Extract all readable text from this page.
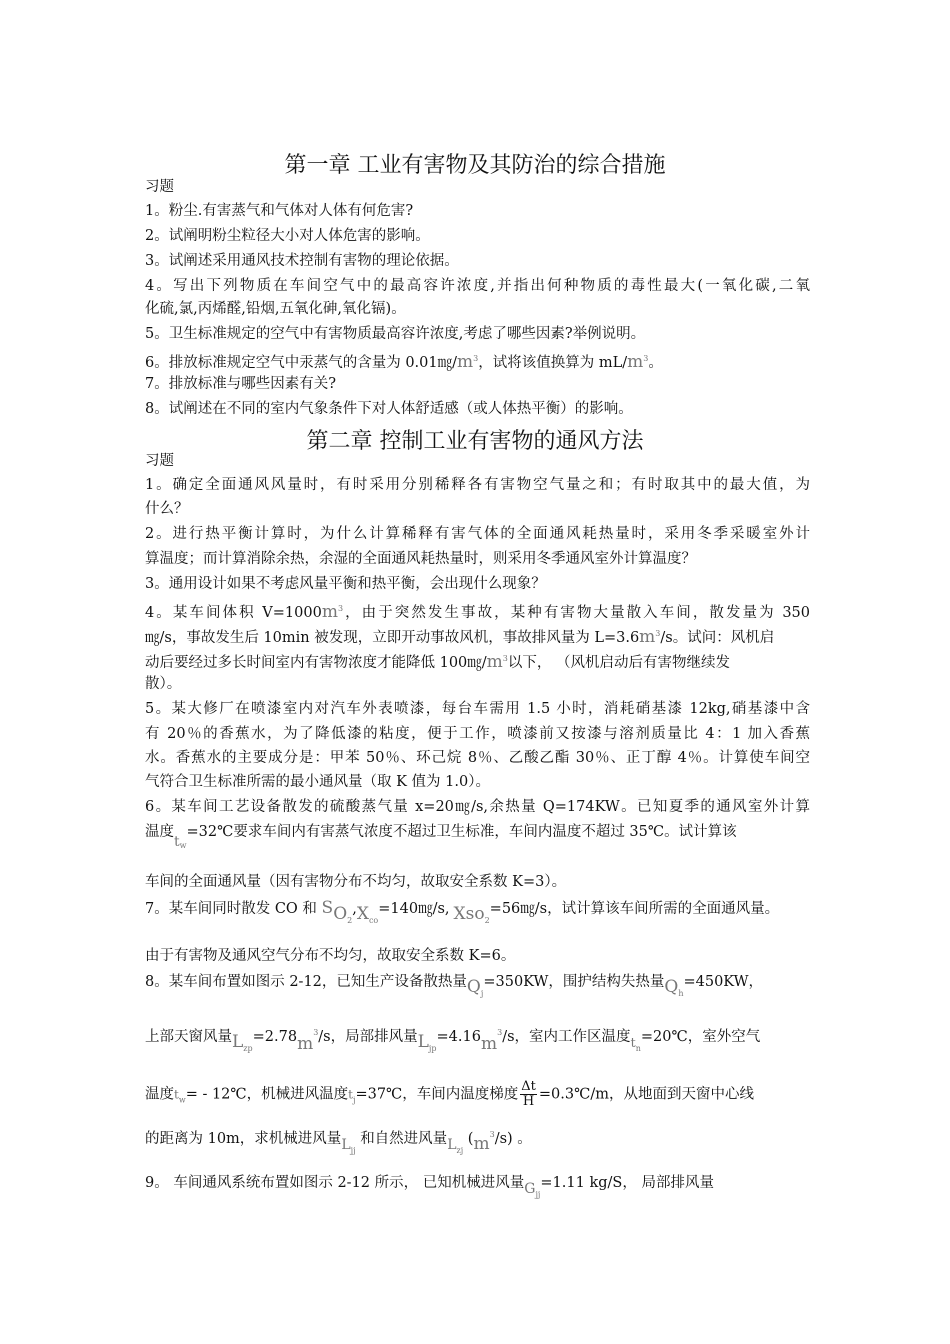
第一章 工业有害物及其防治的综合措施
习题
1。粉尘.有害蒸气和气体对人体有何危害?
2。试阐明粉尘粒径大小对人体危害的影响。
3。试阐述采用通风技术控制有害物的理论依据。
4。写出下列物质在车间空气中的最高容许浓度,并指出何种物质的毒性最大(一氧化碳,二氧
化硫,氯,丙烯醛,铅烟,五氧化砷,氧化镉)。
5。卫生标准规定的空气中有害物质最高容许浓度,考虑了哪些因素?举例说明。
6。排放标准规定空气中汞蒸气的含量为 $0.01㎎/m^3$，试将该值换算为 $mL/m^3$。
7。排放标准与哪些因素有关?
8。试阐述在不同的室内气象条件下对人体舒适感（或人体热平衡）的影响。
第二章 控制工业有害物的通风方法
习题
1。确定全面通风风量时，有时采用分别稀释各有害物空气量之和；有时取其中的最大值，为
什么？
2。进行热平衡计算时，为什么计算稀释有害气体的全面通风耗热量时，采用冬季采暖室外计
算温度；而计算消除余热，余湿的全面通风耗热量时，则采用冬季通风室外计算温度？
3。通用设计如果不考虑风量平衡和热平衡，会出现什么现象？
4。某车间体积 $V=1000m^3$，由于突然发生事故，某种有害物大量散入车间，散发量为 350
㎎/s，事故发生后 10min 被发现，立即开动事故风机，事故排风量为 $L=3.6m^3/s$。试问：风机启
动后要经过多长时间室内有害物浓度才能降低 $100㎎/m^3$以下， （风机启动后有害物继续发
散）。
5。某大修厂在喷漆室内对汽车外表喷漆，每台车需用 1.5 小时，消耗硝基漆 12kg,硝基漆中含
有 20％的香蕉水，为了降低漆的粘度，便于工作，喷漆前又按漆与溶剂质量比 4：1 加入香蕉
水。香蕉水的主要成分是：甲苯 50％、环己烷 8％、乙酸乙酯 30％、正丁醇 4％。计算使车间空
气符合卫生标准所需的最小通风量（取 K 值为 1.0）。
6。某车间工艺设备散发的硫酸蒸气量 x=20㎎/s,余热量 Q=174KW。已知夏季的通风室外计算
温度$t_w=32℃$要求车间内有害蒸气浓度不超过卫生标准，车间内温度不超过 35℃。试计算该
车间的全面通风量（因有害物分布不均匀，故取安全系数 K=3）。
7。某车间同时散发 CO 和 $SO_2,X_{co}=140㎎/s$, Xso$_2$=56㎎/s，试计算该车间所需的全面通风量。
由于有害物及通风空气分布不均匀，故取安全系数 K=6。
8。某车间布置如图示 2-12，已知生产设备散热量$Q_j=350KW$，围护结构失热量$Q_h=450KW$，
上部天窗风量$L_{zp}=2.78m^3/s$，局部排风量$L_{jp}=4.16m^3/s$，室内工作区温度$t_n=20℃$，室外空气
温度$t_w=$ - 12℃，机械进风温度$t_j=37℃$，车间内温度梯度 $\frac{\Delta t}{H}$ =0.3℃/m，从地面到天窗中心线
的距离为 10m，求机械进风量$L_{jj}$ 和自然进风量$L_{zj}$ $(m^3/s)$ 。
9。 车间通风系统布置如图示 2-12 所示， 已知机械进风量$G_{jj}=1.11$ kg/S， 局部排风量
